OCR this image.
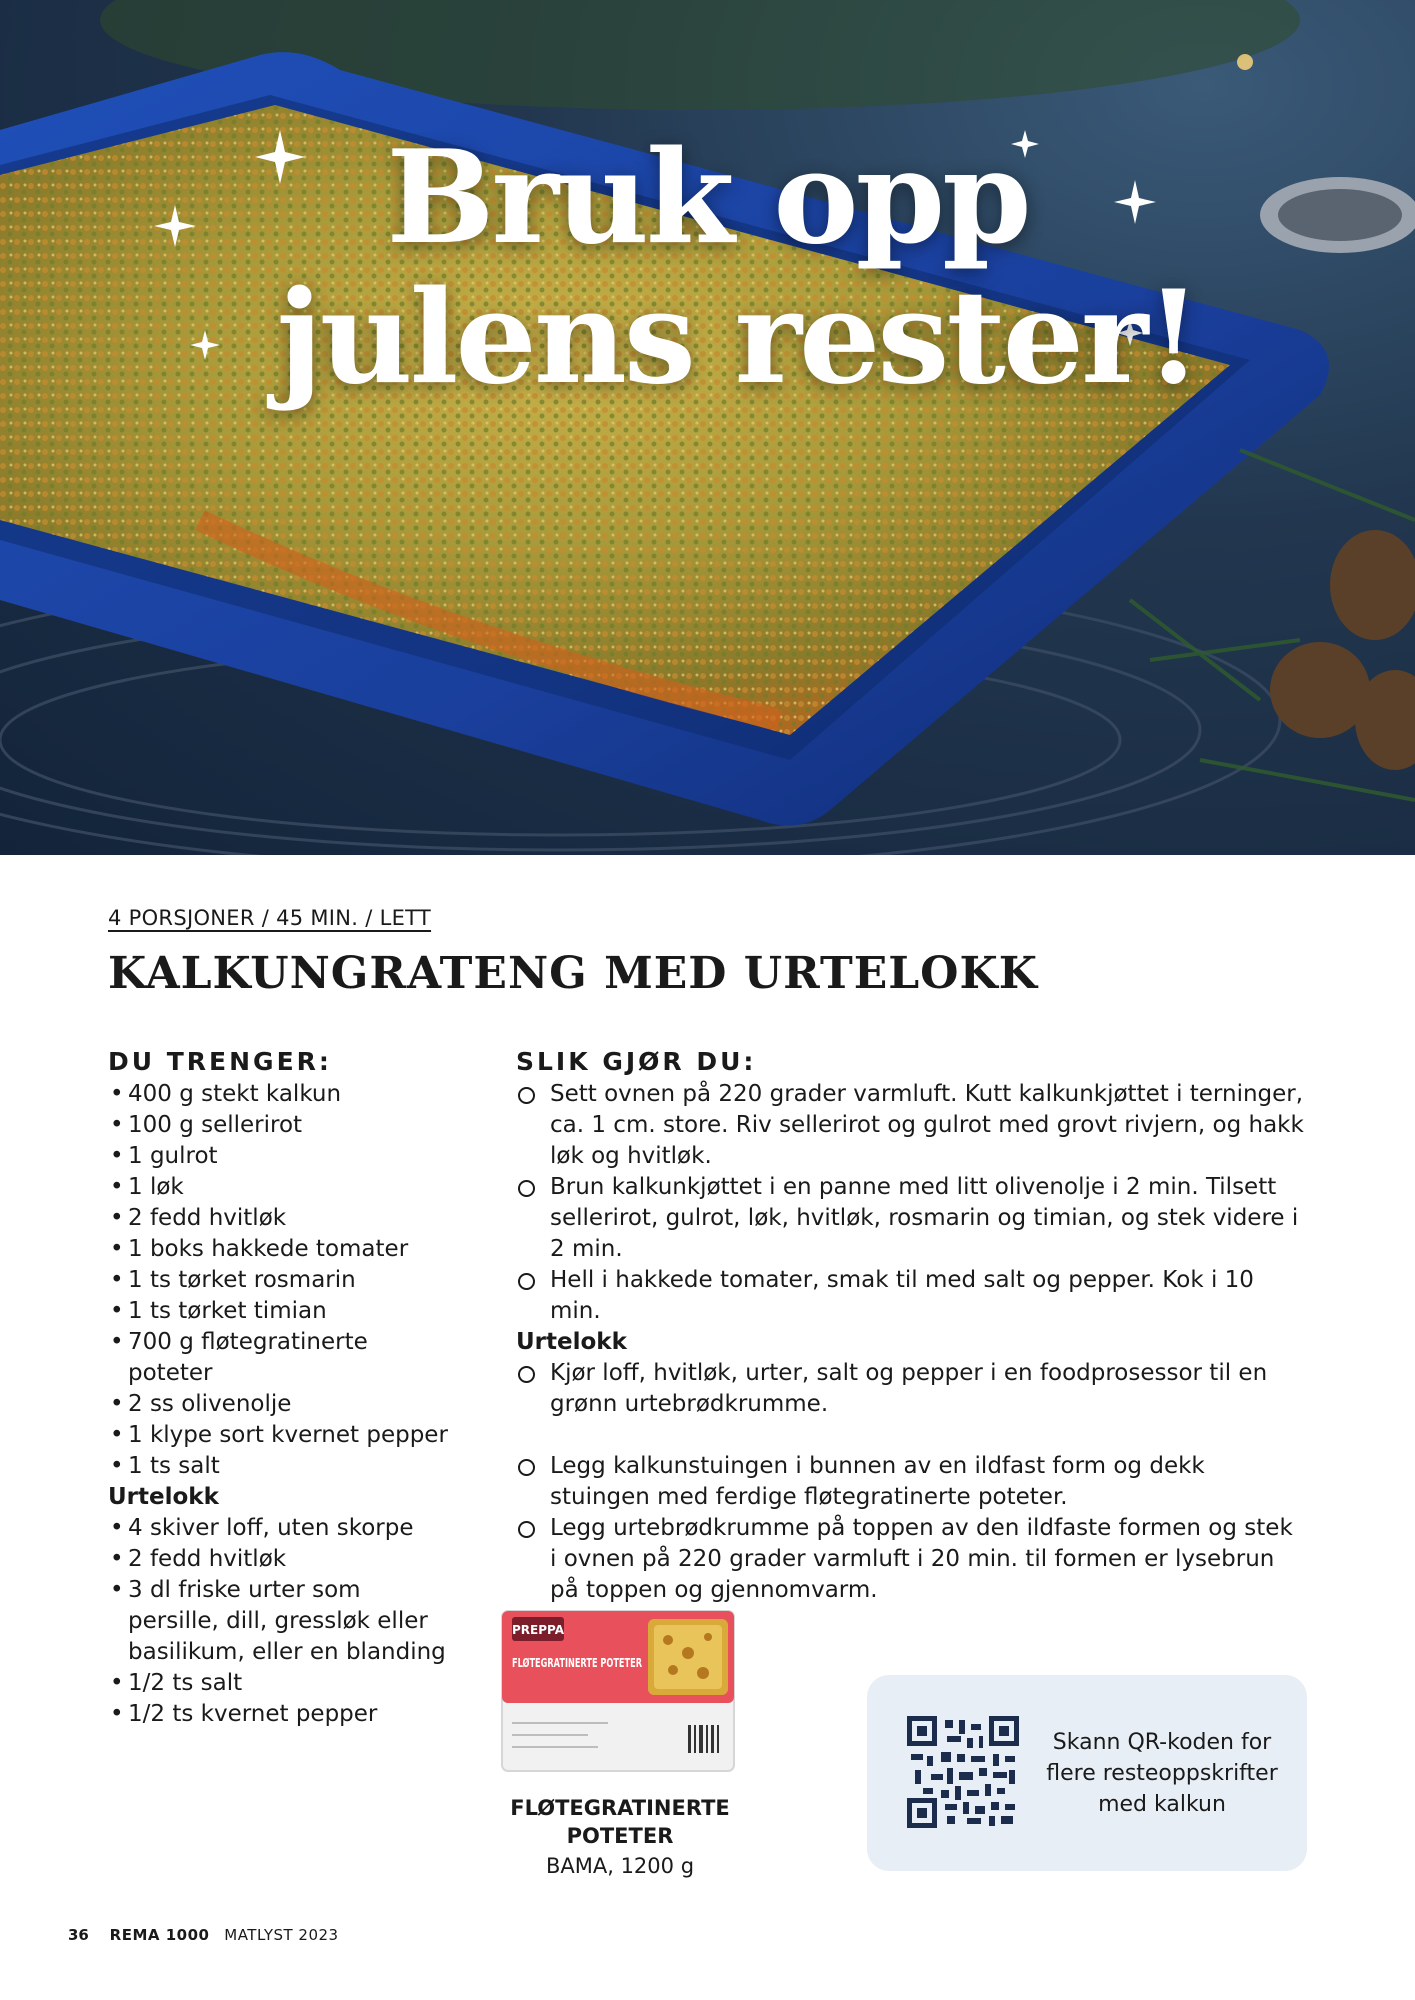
Bruk opp
julens rester!
4 PORSJONER / 45 MIN. / LETT
KALKUNGRATENG MED URTELOKK
DU TRENGER:
• 400 g stekt kalkun
• 100 g sellerirot
• 1 gulrot
• 1 løk
• 2 fedd hvitløk
• 1 boks hakkede tomater
• 1 ts tørket rosmarin
• 1 ts tørket timian
• 700 g fløtegratinerte poteter
• 2 ss olivenolje
• 1 klype sort kvernet pepper
• 1 ts salt
Urtelokk
• 4 skiver loff, uten skorpe
• 2 fedd hvitløk
• 3 dl friske urter som persille, dill, gressløk eller basilikum, eller en blanding
• 1/2 ts salt
• 1/2 ts kvernet pepper
SLIK GJØR DU:
Sett ovnen på 220 grader varmluft. Kutt kalkunkjøttet i terninger, ca. 1 cm. store. Riv sellerirot og gulrot med grovt rivjern, og hakk løk og hvitløk.
Brun kalkunkjøttet i en panne med litt olivenolje i 2 min. Tilsett sellerirot, gulrot, løk, hvitløk, rosmarin og timian, og stek videre i 2 min.
Hell i hakkede tomater, smak til med salt og pepper. Kok i 10 min.
Urtelokk
Kjør loff, hvitløk, urter, salt og pepper i en foodprosessor til en grønn urtebrødkrumme.
Legg kalkunstuingen i bunnen av en ildfast form og dekk stuingen med ferdige fløtegratinerte poteter.
Legg urtebrødkrumme på toppen av den ildfaste formen og stek i ovnen på 220 grader varmluft i 20 min. til formen er lysebrun på toppen og gjennomvarm.
PREPPA
FLØTEGRATINERTE POTETER
FLØTEGRATINERTE POTETER
BAMA, 1200 g
Skann QR-koden for flere resteoppskrifter med kalkun
36 REMA 1000 MATLYST 2023
